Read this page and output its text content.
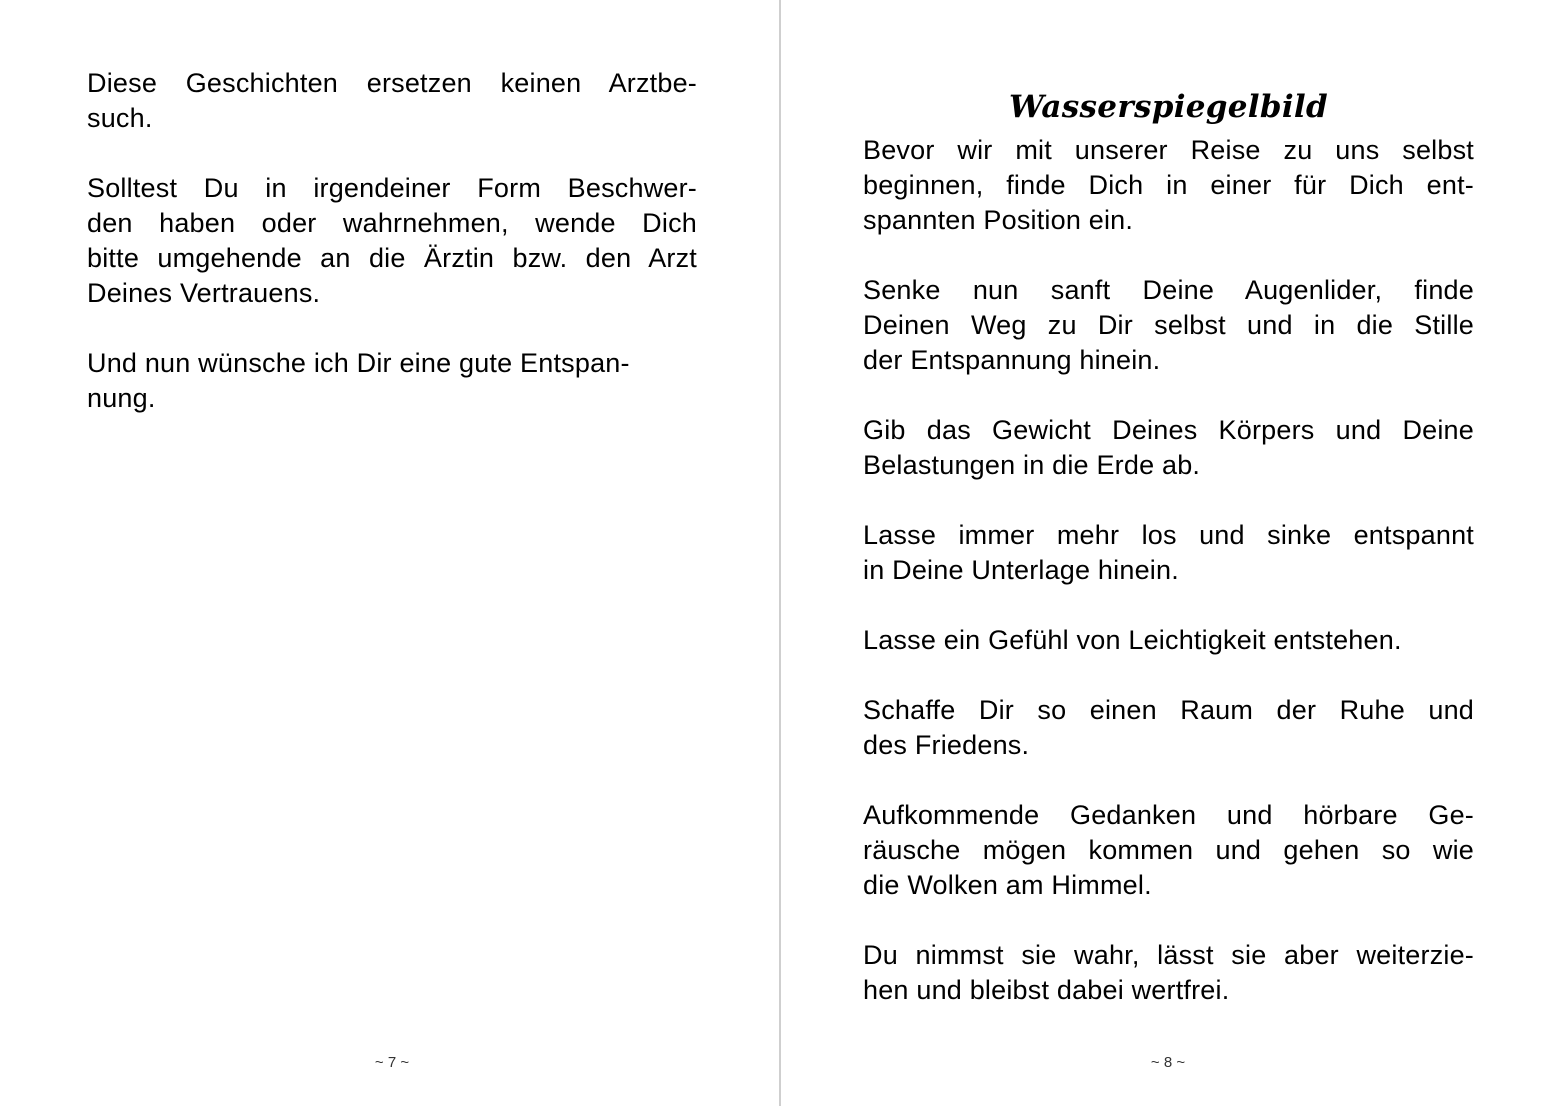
Diese Geschichten ersetzen keinen Arztbe-
such.

Solltest Du in irgendeiner Form Beschwer-
den haben oder wahrnehmen, wende Dich
bitte umgehende an die Ärztin bzw. den Arzt
Deines Vertrauens.

Und nun wünsche ich Dir eine gute Entspan-
nung.

~ 7 ~
Wasserspiegelbild

Bevor wir mit unserer Reise zu uns selbst
beginnen, finde Dich in einer für Dich ent-
spannten Position ein.

Senke nun sanft Deine Augenlider, finde
Deinen Weg zu Dir selbst und in die Stille
der Entspannung hinein.

Gib das Gewicht Deines Körpers und Deine
Belastungen in die Erde ab.

Lasse immer mehr los und sinke entspannt
in Deine Unterlage hinein.

Lasse ein Gefühl von Leichtigkeit entstehen.

Schaffe Dir so einen Raum der Ruhe und
des Friedens.

Aufkommende Gedanken und hörbare Ge-
räusche mögen kommen und gehen so wie
die Wolken am Himmel.

Du nimmst sie wahr, lässt sie aber weiterzie-
hen und bleibst dabei wertfrei.

~ 8 ~
